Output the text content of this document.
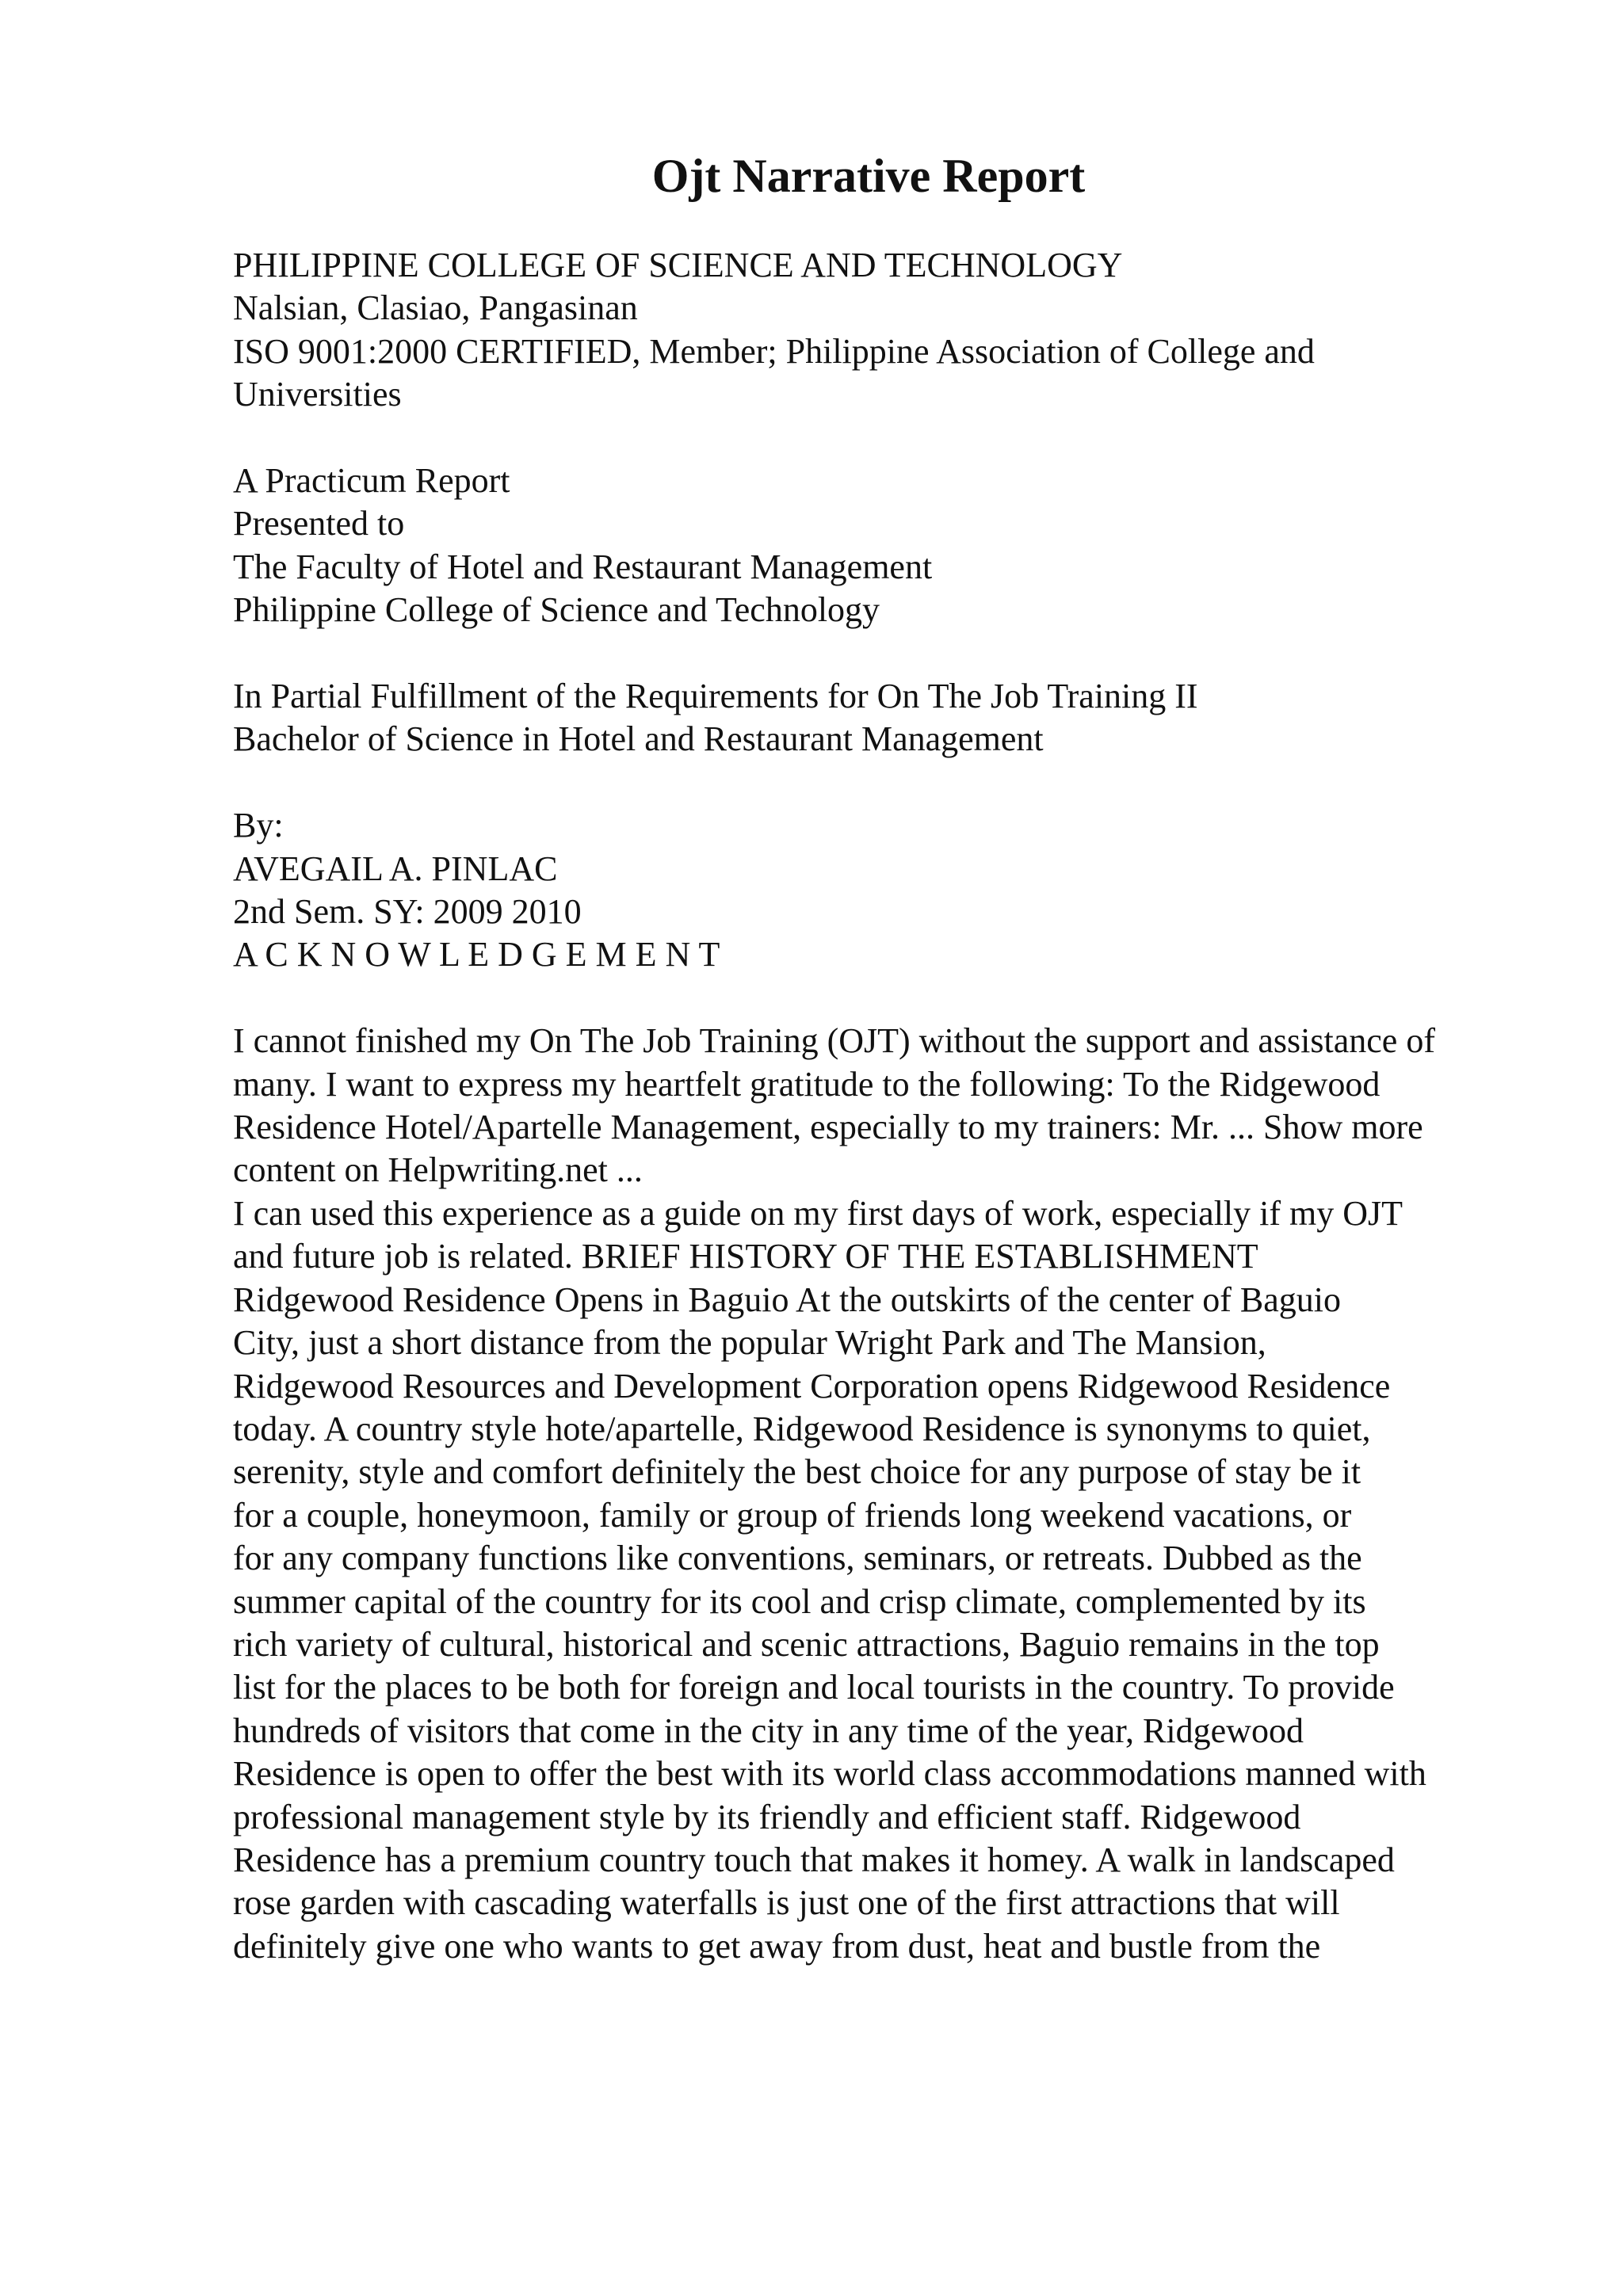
Ojt Narrative Report
PHILIPPINE COLLEGE OF SCIENCE AND TECHNOLOGY
Nalsian, Clasiao, Pangasinan
ISO 9001:2000 CERTIFIED, Member; Philippine Association of College and
Universities
A Practicum Report
Presented to
The Faculty of Hotel and Restaurant Management
Philippine College of Science and Technology
In Partial Fulfillment of the Requirements for On The Job Training II
Bachelor of Science in Hotel and Restaurant Management
By:
AVEGAIL A. PINLAC
2nd Sem. SY: 2009 2010
A C K N O W L E D G E M E N T
I cannot finished my On The Job Training (OJT) without the support and assistance of
many. I want to express my heartfelt gratitude to the following: To the Ridgewood
Residence Hotel/Apartelle Management, especially to my trainers: Mr. ... Show more
content on Helpwriting.net ...
I can used this experience as a guide on my first days of work, especially if my OJT
and future job is related. BRIEF HISTORY OF THE ESTABLISHMENT
Ridgewood Residence Opens in Baguio At the outskirts of the center of Baguio
City, just a short distance from the popular Wright Park and The Mansion,
Ridgewood Resources and Development Corporation opens Ridgewood Residence
today. A country style hote/apartelle, Ridgewood Residence is synonyms to quiet,
serenity, style and comfort definitely the best choice for any purpose of stay be it
for a couple, honeymoon, family or group of friends long weekend vacations, or
for any company functions like conventions, seminars, or retreats. Dubbed as the
summer capital of the country for its cool and crisp climate, complemented by its
rich variety of cultural, historical and scenic attractions, Baguio remains in the top
list for the places to be both for foreign and local tourists in the country. To provide
hundreds of visitors that come in the city in any time of the year, Ridgewood
Residence is open to offer the best with its world class accommodations manned with
professional management style by its friendly and efficient staff. Ridgewood
Residence has a premium country touch that makes it homey. A walk in landscaped
rose garden with cascading waterfalls is just one of the first attractions that will
definitely give one who wants to get away from dust, heat and bustle from the
